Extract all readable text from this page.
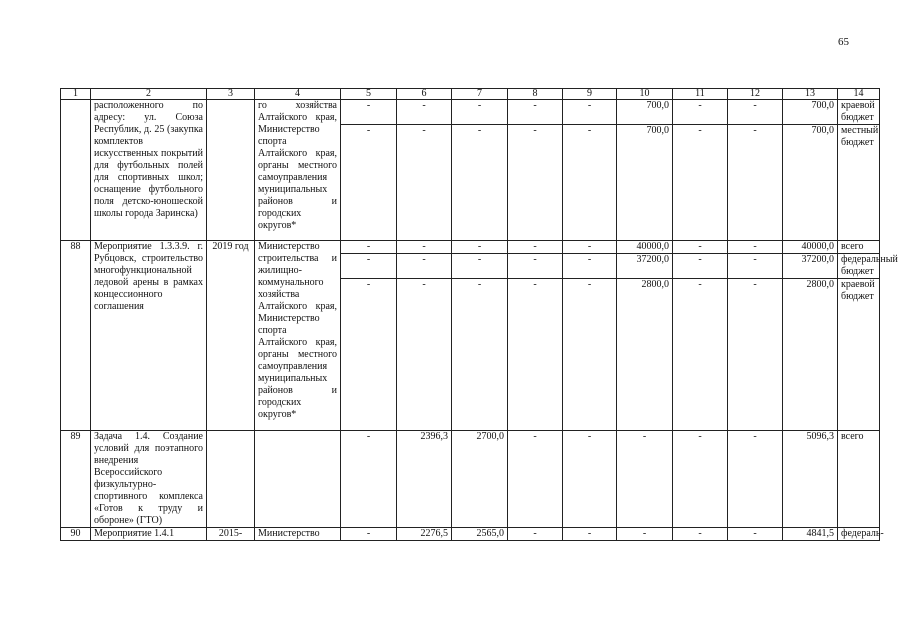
65
1	2	3	4	5	6	7	8	9	10	11	12	13	14
	расположенного по адресу: ул. Союза Республик, д. 25 (закупка комплектов искусственных покрытий для футбольных полей для спортивных школ; оснащение футбольного поля детско-юношеской школы города Заринска)		го хозяйства Алтайского края, Министерство спорта Алтайского края, органы местного самоуправления муниципальных районов и городских округов*	-	-	-	-	-	700,0	-	-	700,0	краевой бюджет
				-	-	-	-	-	700,0	-	-	700,0	местный бюджет
88	Мероприятие 1.3.3.9. г. Рубцовск, строительство многофункциональной ледовой арены в рамках концессионного соглашения	2019 год	Министерство строительства и жилищно-коммунального хозяйства Алтайского края, Министерство спорта Алтайского края, органы местного самоуправления муниципальных районов и городских округов*	-	-	-	-	-	40000,0	-	-	40000,0	всего
				-	-	-	-	-	37200,0	-	-	37200,0	федеральный бюджет
				-	-	-	-	-	2800,0	-	-	2800,0	краевой бюджет
89	Задача 1.4. Создание условий для поэтапного внедрения Всероссийского физкультурно-спортивного комплекса «Готов к труду и обороне» (ГТО)			-	2396,3	2700,0	-	-	-	-	-	5096,3	всего
90	Мероприятие 1.4.1	2015-	Министерство	-	2276,5	2565,0	-	-	-	-	-	4841,5	федераль-
